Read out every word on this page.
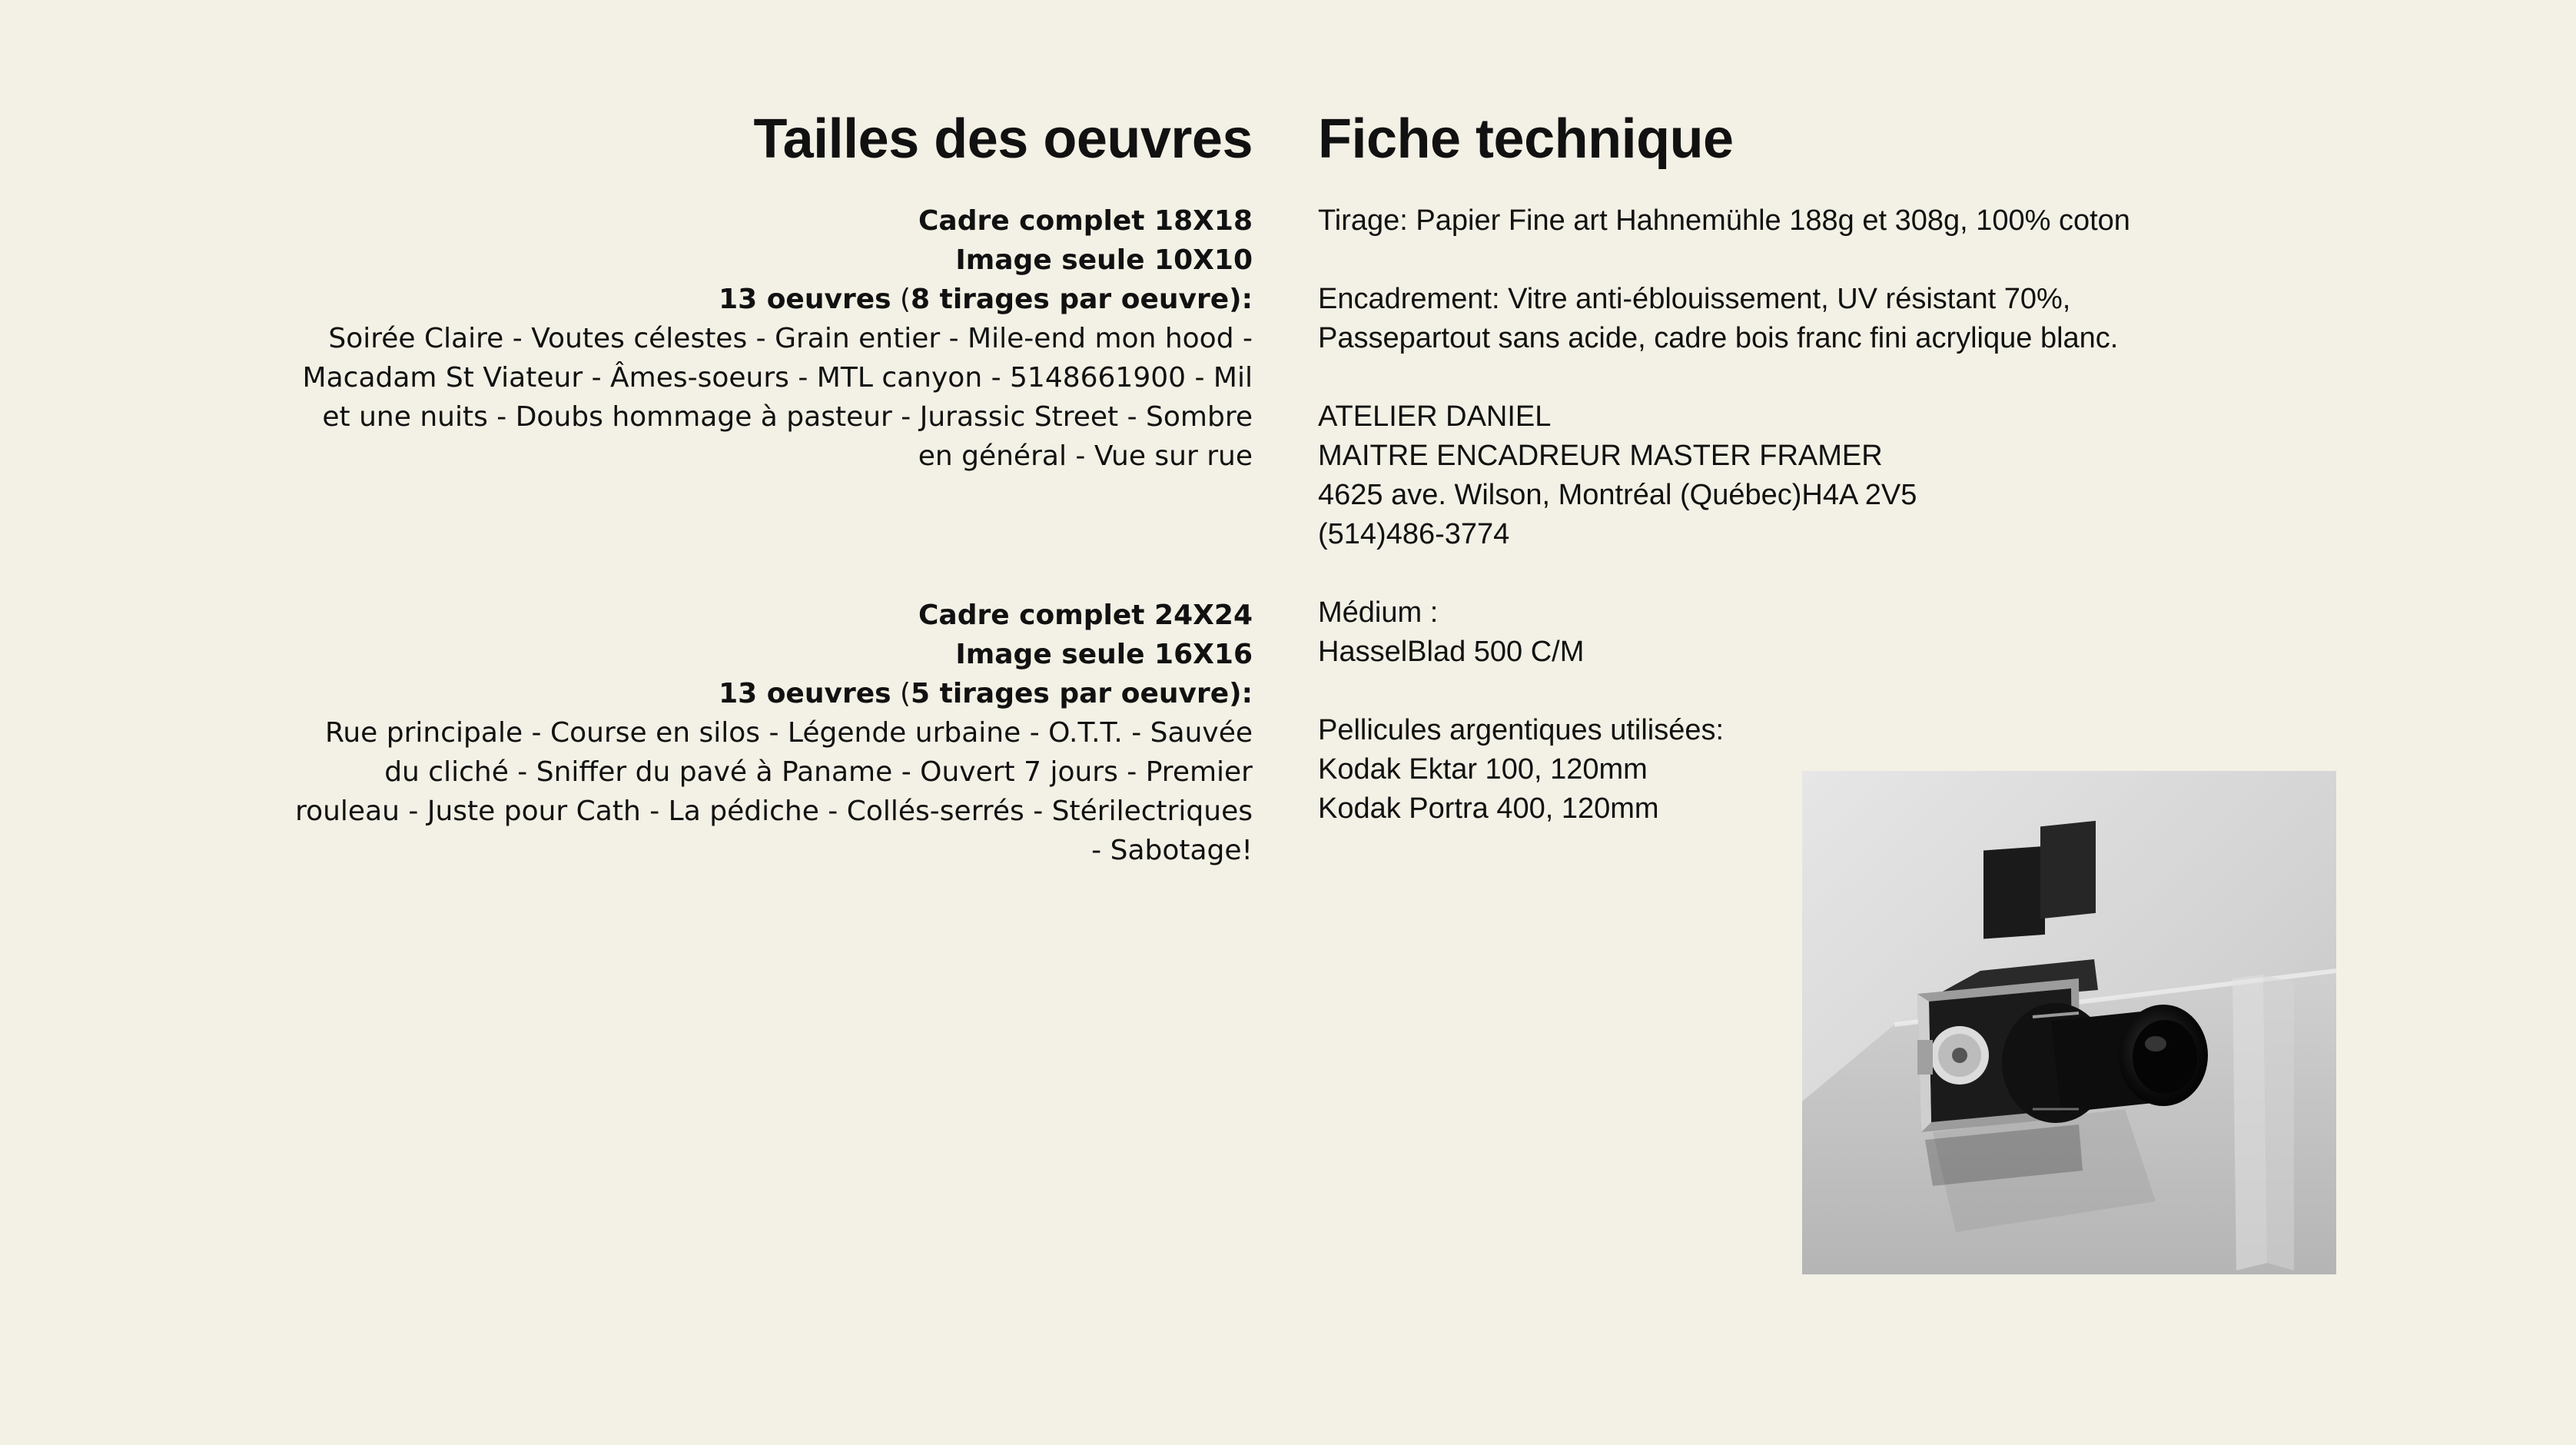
Tailles des oeuvres
Cadre complet 18X18
Image seule 10X10
13 oeuvres (8 tirages par oeuvre):
Soirée Claire - Voutes célestes - Grain entier - Mile-end mon hood - Macadam St Viateur - Âmes-soeurs - MTL canyon - 5148661900 - Mil et une nuits - Doubs hommage à pasteur - Jurassic Street - Sombre en général - Vue sur rue
Cadre complet 24X24
Image seule 16X16
13 oeuvres (5 tirages par oeuvre):
Rue principale - Course en silos - Légende urbaine - O.T.T. - Sauvée du cliché - Sniffer du pavé à Paname - Ouvert 7 jours - Premier rouleau - Juste pour Cath - La pédiche - Collés-serrés - Stérilectriques - Sabotage!
Fiche technique
Tirage: Papier Fine art Hahnemühle 188g et 308g, 100% coton
Encadrement: Vitre anti-éblouissement, UV résistant 70%,
Passepartout sans acide, cadre bois franc fini acrylique blanc.
ATELIER DANIEL
MAITRE ENCADREUR MASTER FRAMER
4625 ave. Wilson, Montréal (Québec)H4A 2V5
(514)486-3774
Médium :
HasselBlad 500 C/M
Pellicules argentiques utilisées:
Kodak Ektar 100, 120mm
Kodak Portra 400, 120mm
